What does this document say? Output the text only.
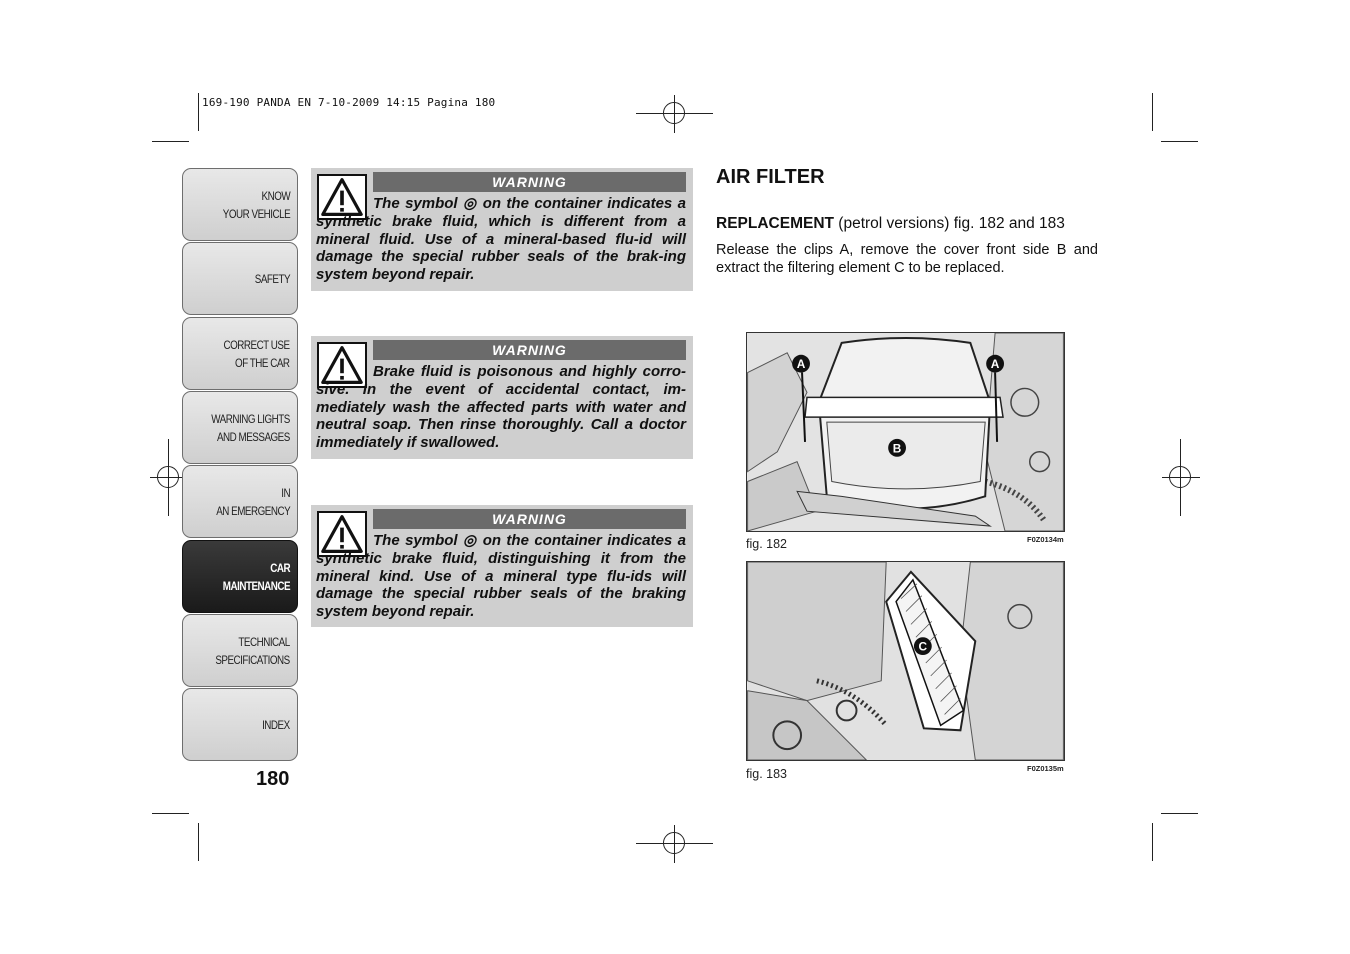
169-190 PANDA EN 7-10-2009 14:15 Pagina 180
KNOW
YOUR VEHICLE
SAFETY
CORRECT USE
OF THE CAR
WARNING LIGHTS
AND MESSAGES
IN
AN EMERGENCY
CAR
MAINTENANCE
TECHNICAL
SPECIFICATIONS
INDEX
180
WARNING
The symbol ◎ on the container indicates a synthetic brake fluid, which is different from a mineral fluid. Use of a mineral-based flu-id will damage the special rubber seals of the brak-ing system beyond repair.
WARNING
Brake fluid is poisonous and highly corro-sive. In the event of accidental contact, im-mediately wash the affected parts with water and neutral soap. Then rinse thoroughly. Call a doctor immediately if swallowed.
WARNING
The symbol ◎ on the container indicates a synthetic brake fluid, distinguishing it from the mineral kind. Use of a mineral type flu-ids will damage the special rubber seals of the braking system beyond repair.
AIR FILTER
REPLACEMENT (petrol versions) fig. 182 and 183

Release the clips A, remove the cover front side B and extract the filtering element C to be replaced.

A	A
B
fig. 182	F0Z0134m
C
fig. 183	F0Z0135m
